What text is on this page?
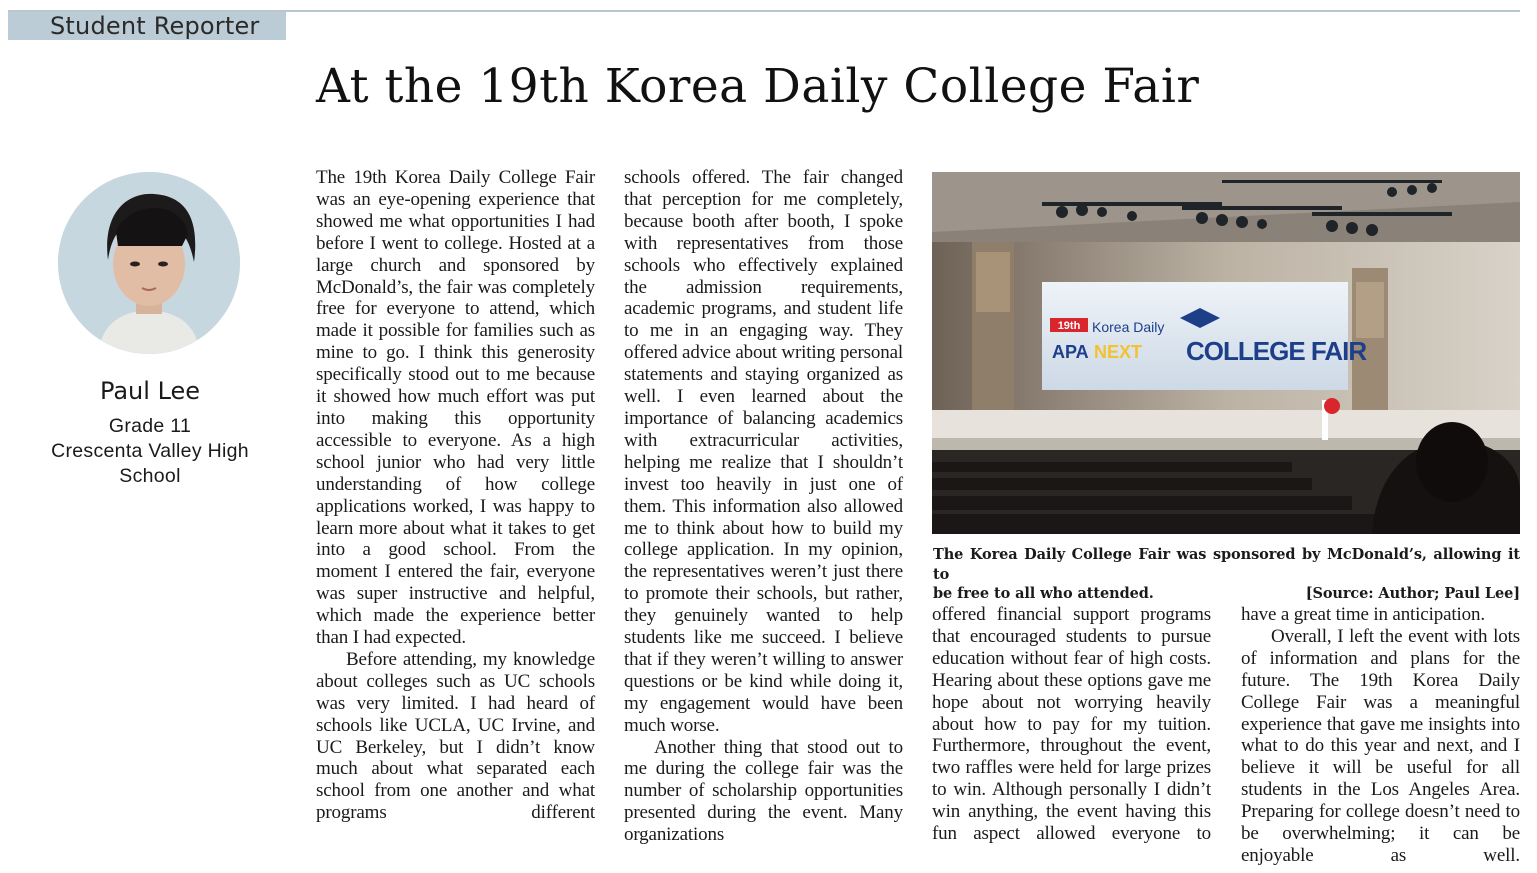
Student Reporter
At the 19th Korea Daily College Fair
Paul Lee
Grade 11
Crescenta Valley High School

The 19th Korea Daily College Fair was an eye-opening experience that showed me what opportunities I had before I went to college. Hosted at a large church and sponsored by McDonald’s, the fair was completely free for everyone to attend, which made it possible for families such as mine to go. I think this generosity specifically stood out to me because it showed how much effort was put into making this opportunity accessible to everyone. As a high school junior who had very little understanding of how college applications worked, I was happy to learn more about what it takes to get into a good school. From the moment I entered the fair, everyone was super instructive and helpful, which made the experience better than I had expected.

Before attending, my knowledge about colleges such as UC schools was very limited. I had heard of schools like UCLA, UC Irvine, and UC Berkeley, but I didn’t know much about what separated each school from one another and what programs different

schools offered. The fair changed that perception for me completely, because booth after booth, I spoke with representatives from those schools who effectively explained the admission requirements, academic programs, and student life to me in an engaging way. They offered advice about writing personal statements and staying organized as well. I even learned about the importance of balancing academics with extracurricular activities, helping me realize that I shouldn’t invest too heavily in just one of them. This information also allowed me to think about how to build my college application. In my opinion, the representatives weren’t just there to promote their schools, but rather, they genuinely wanted to help students like me succeed. I believe that if they weren’t willing to answer questions or be kind while doing it, my engagement would have been much worse.

Another thing that stood out to me during the college fair was the number of scholarship opportunities presented during the event. Many organizations

19th Korea Daily
APA NEXT COLLEGE FAIR
The Korea Daily College Fair was sponsored by McDonald’s, allowing it to
be free to all who attended.	[Source: Author; Paul Lee]

offered financial support programs that encouraged students to pursue education without fear of high costs. Hearing about these options gave me hope about not worrying heavily about how to pay for my tuition. Furthermore, throughout the event, two raffles were held for large prizes to win. Although personally I didn’t win anything, the event having this fun aspect allowed everyone to

have a great time in anticipation.

Overall, I left the event with lots of information and plans for the future. The 19th Korea Daily College Fair was a meaningful experience that gave me insights into what to do this year and next, and I believe it will be useful for all students in the Los Angeles Area. Preparing for college doesn’t need to be overwhelming; it can be enjoyable as well.
